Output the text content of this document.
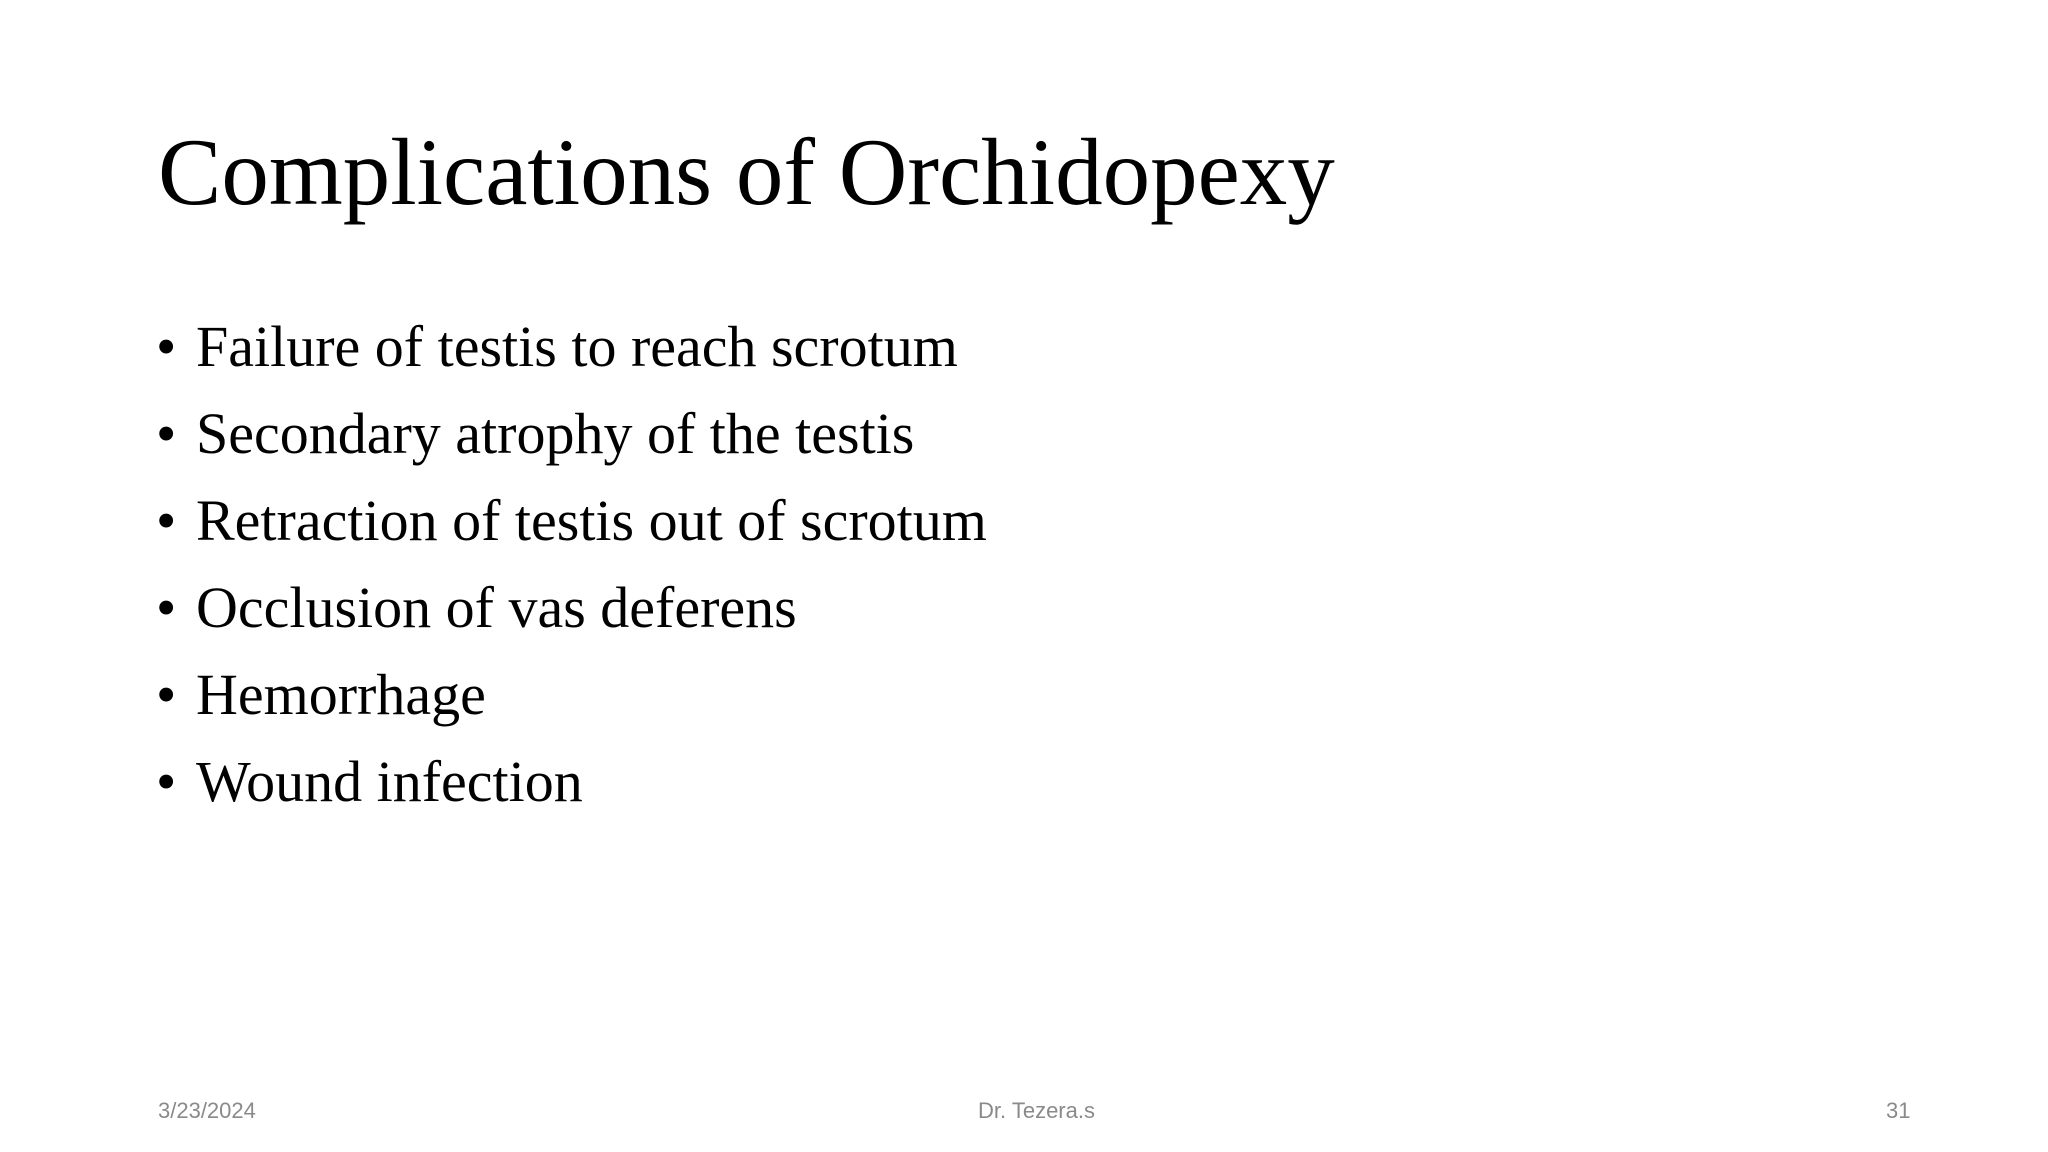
Complications of Orchidopexy
• Failure of testis to reach scrotum
• Secondary atrophy of the testis
• Retraction of testis out of scrotum
• Occlusion of vas deferens
• Hemorrhage
• Wound infection
3/23/2024	Dr. Tezera.s	31
